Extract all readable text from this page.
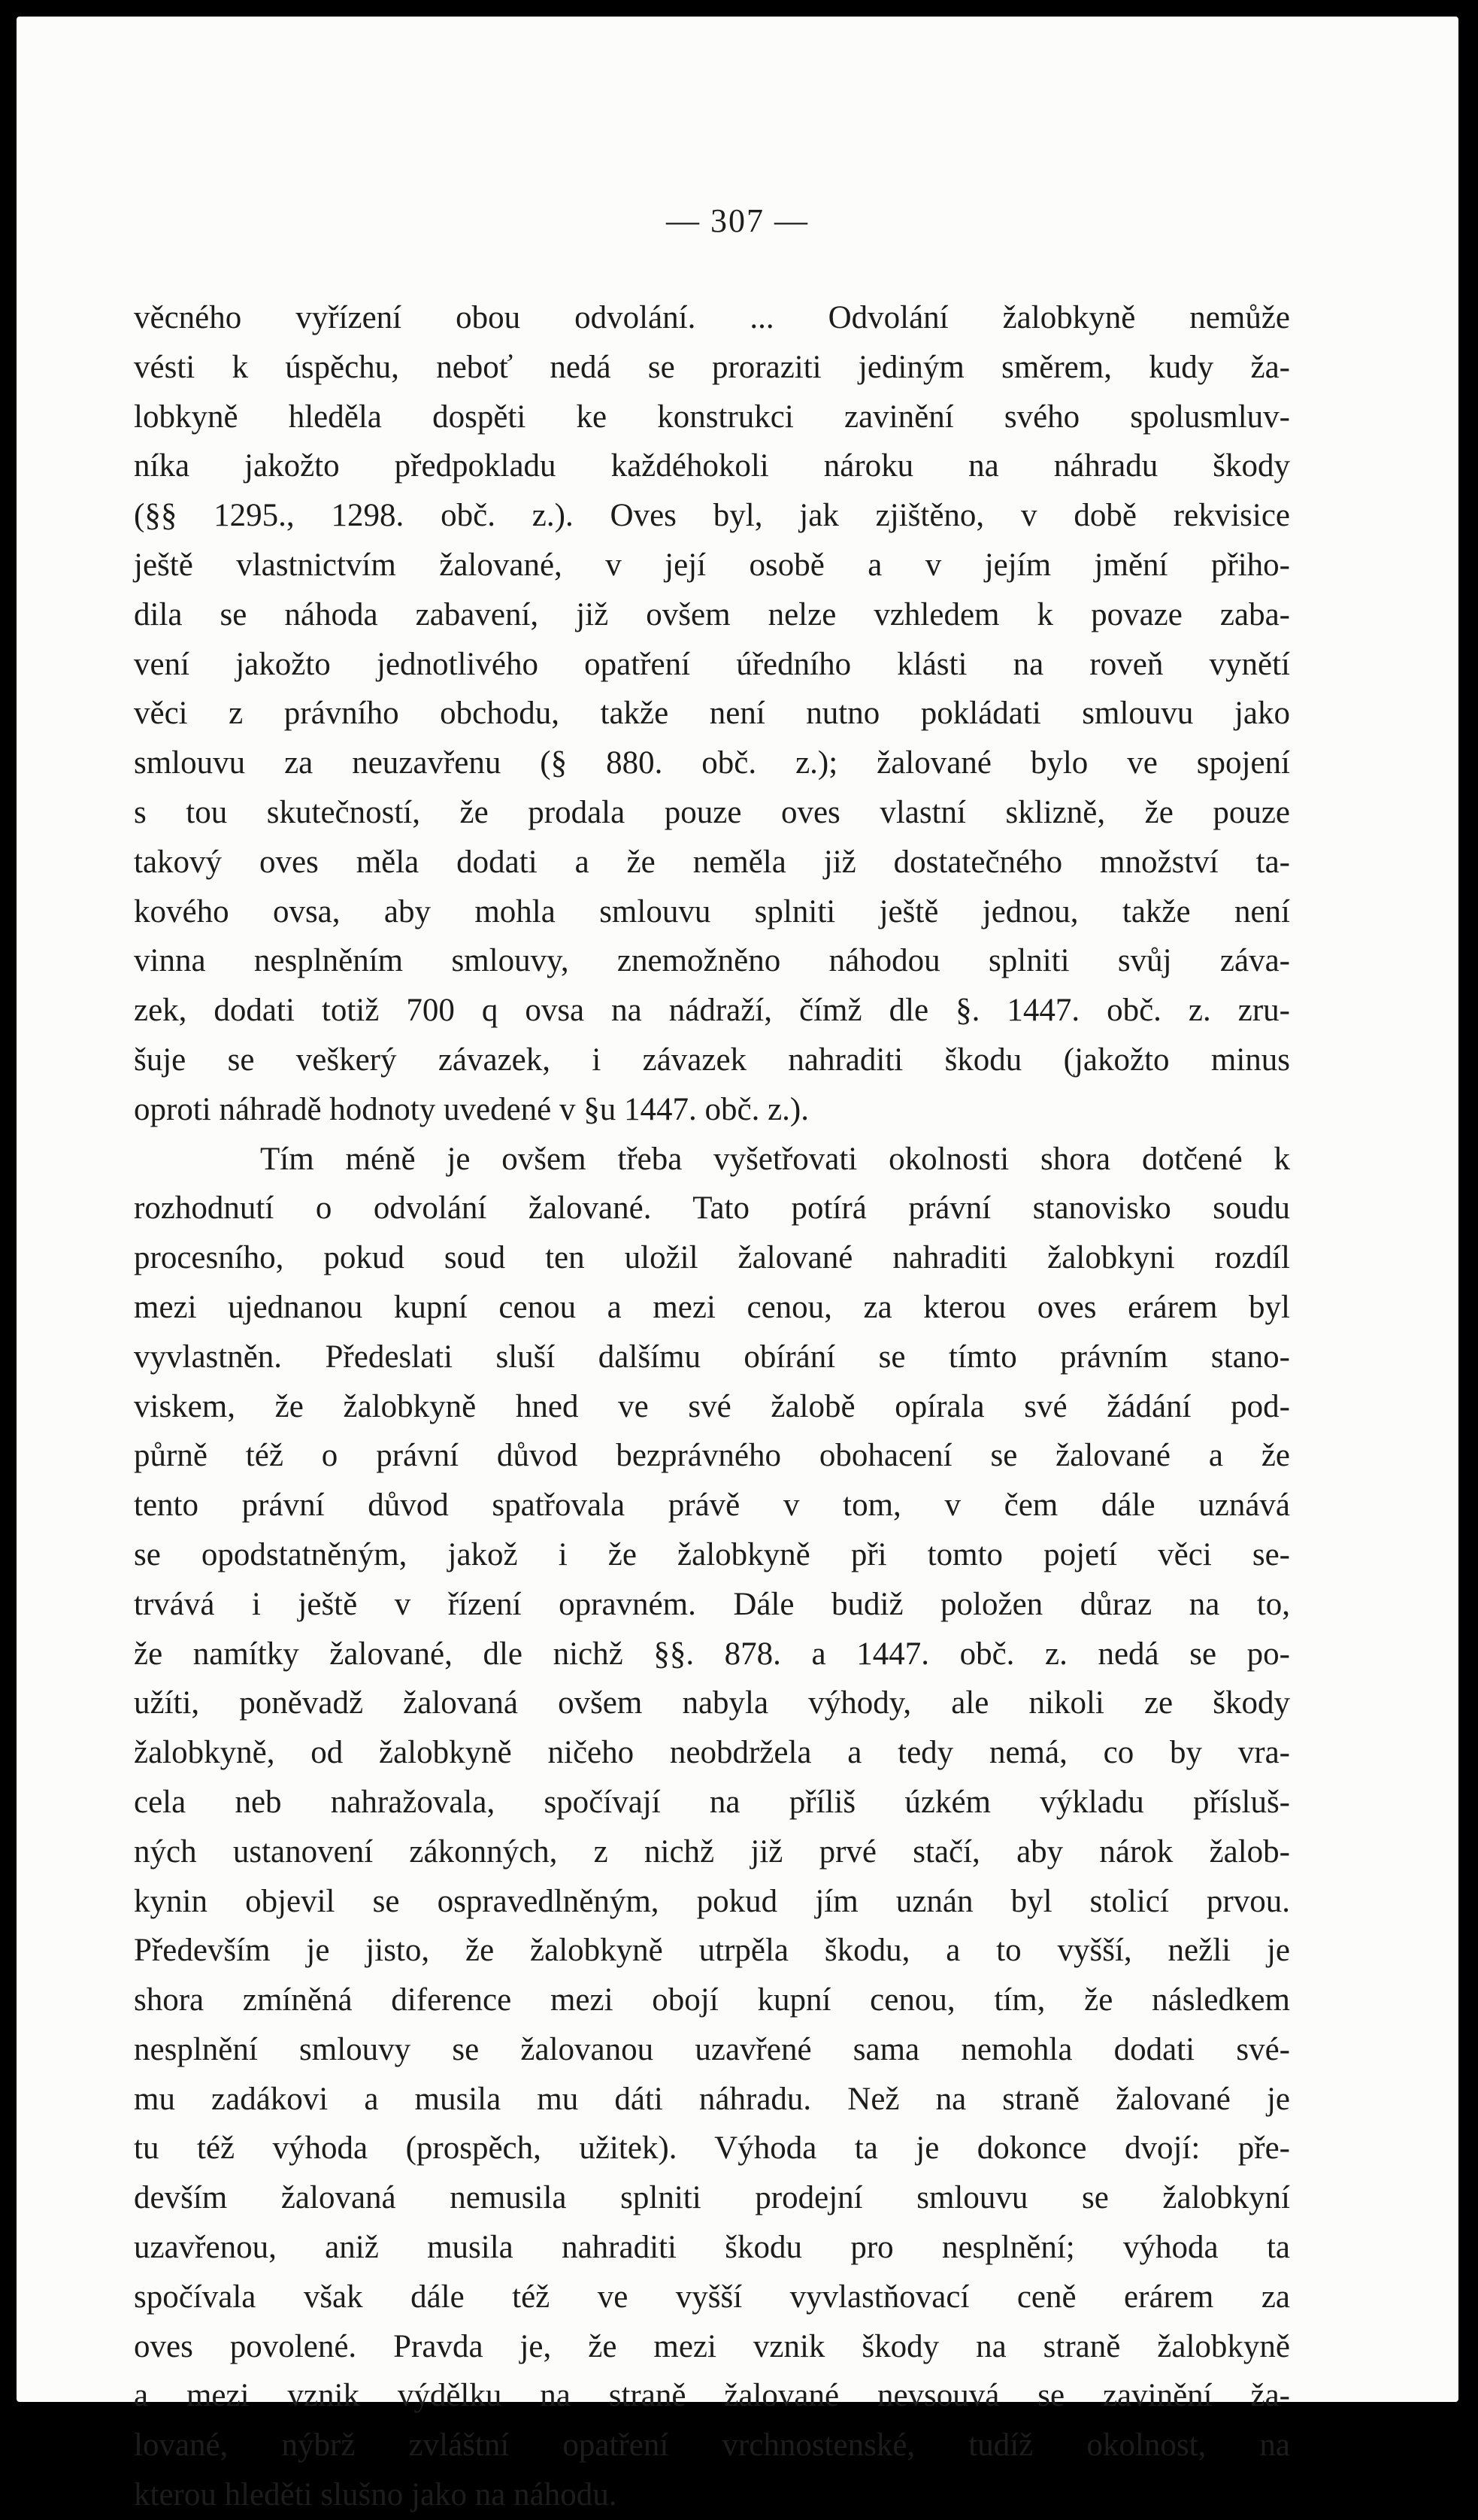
— 307 —
věcného vyřízení obou odvolání. ... Odvolání žalobkyně nemůže
vésti k úspěchu, neboť nedá se proraziti jediným směrem, kudy ža-
lobkyně hleděla dospěti ke konstrukci zavinění svého spolusmluv-
níka jakožto předpokladu každéhokoli nároku na náhradu škody
(§§ 1295., 1298. obč. z.). Oves byl, jak zjištěno, v době rekvisice
ještě vlastnictvím žalované, v její osobě a v jejím jmění přiho-
dila se náhoda zabavení, již ovšem nelze vzhledem k povaze zaba-
vení jakožto jednotlivého opatření úředního klásti na roveň vynětí
věci z právního obchodu, takže není nutno pokládati smlouvu jako
smlouvu za neuzavřenu (§ 880. obč. z.); žalované bylo ve spojení
s tou skutečností, že prodala pouze oves vlastní sklizně, že pouze
takový oves měla dodati a že neměla již dostatečného množství ta-
kového ovsa, aby mohla smlouvu splniti ještě jednou, takže není
vinna nesplněním smlouvy, znemožněno náhodou splniti svůj záva-
zek, dodati totiž 700 q ovsa na nádraží, čímž dle §. 1447. obč. z. zru-
šuje se veškerý závazek, i závazek nahraditi škodu (jakožto minus
oproti náhradě hodnoty uvedené v §u 1447. obč. z.).
Tím méně je ovšem třeba vyšetřovati okolnosti shora dotčené k
rozhodnutí o odvolání žalované. Tato potírá právní stanovisko soudu
procesního, pokud soud ten uložil žalované nahraditi žalobkyni rozdíl
mezi ujednanou kupní cenou a mezi cenou, za kterou oves erárem byl
vyvlastněn. Předeslati sluší dalšímu obírání se tímto právním stano-
viskem, že žalobkyně hned ve své žalobě opírala své žádání pod-
půrně též o právní důvod bezprávného obohacení se žalované a že
tento právní důvod spatřovala právě v tom, v čem dále uznává
se opodstatněným, jakož i že žalobkyně při tomto pojetí věci se-
trvává i ještě v řízení opravném. Dále budiž položen důraz na to,
že namítky žalované, dle nichž §§. 878. a 1447. obč. z. nedá se po-
užíti, poněvadž žalovaná ovšem nabyla výhody, ale nikoli ze škody
žalobkyně, od žalobkyně ničeho neobdržela a tedy nemá, co by vra-
cela neb nahražovala, spočívají na příliš úzkém výkladu přísluš-
ných ustanovení zákonných, z nichž již prvé stačí, aby nárok žalob-
kynin objevil se ospravedlněným, pokud jím uznán byl stolicí prvou.
Především je jisto, že žalobkyně utrpěla škodu, a to vyšší, nežli je
shora zmíněná diference mezi obojí kupní cenou, tím, že následkem
nesplnění smlouvy se žalovanou uzavřené sama nemohla dodati své-
mu zadákovi a musila mu dáti náhradu. Než na straně žalované je
tu též výhoda (prospěch, užitek). Výhoda ta je dokonce dvojí: pře-
devším žalovaná nemusila splniti prodejní smlouvu se žalobkyní
uzavřenou, aniž musila nahraditi škodu pro nesplnění; výhoda ta
spočívala však dále též ve vyšší vyvlastňovací ceně erárem za
oves povolené. Pravda je, že mezi vznik škody na straně žalobkyně
a mezi vznik výdělku na straně žalované nevsouvá se zavinění ža-
lované, nýbrž zvláštní opatření vrchnostenské, tudíž okolnost, na
kterou hleděti slušno jako na náhodu.
